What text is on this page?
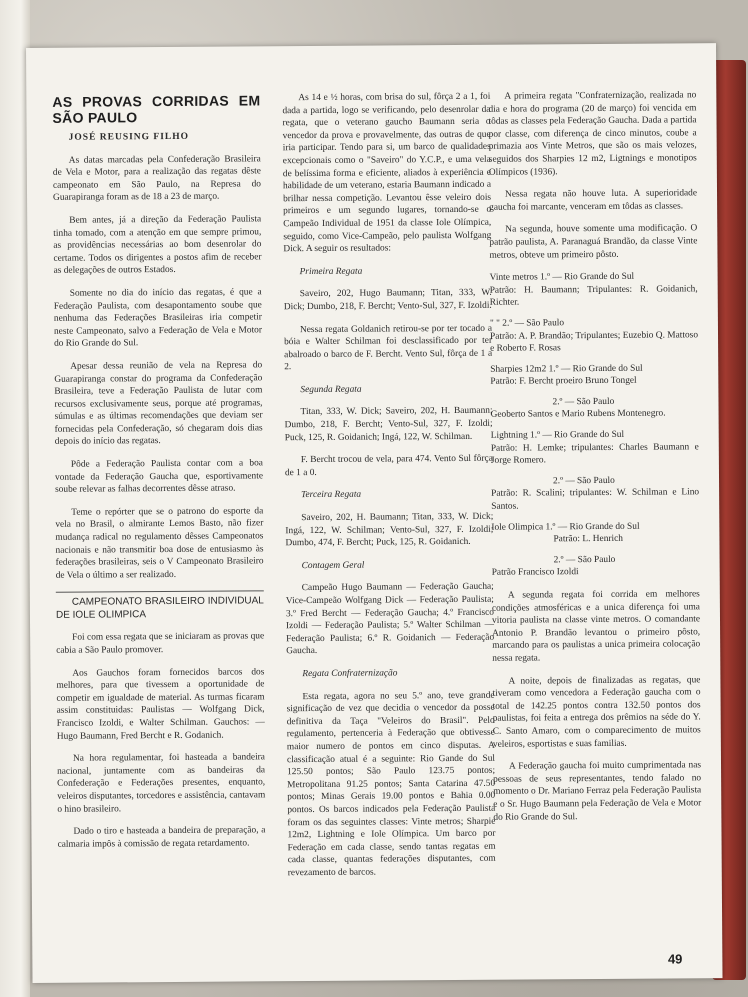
AS PROVAS CORRIDAS EM SÃO PAULO

JOSÉ REUSING FILHO

As datas marcadas pela Confederação Brasileira de Vela e Motor, para a realização das regatas dêste campeonato em São Paulo, na Represa do Guarapiranga foram as de 18 a 23 de março.

Bem antes, já a direção da Federação Paulista tinha tomado, com a atenção em que sempre primou, as providências necessárias ao bom desenrolar do certame. Todos os dirigentes a postos afim de receber as delegações de outros Estados.

Somente no dia do início das regatas, é que a Federação Paulista, com desapontamento soube que nenhuma das Federações Brasileiras iria competir neste Campeonato, salvo a Federação de Vela e Motor do Rio Grande do Sul.

Apesar dessa reunião de vela na Represa do Guarapiranga constar do programa da Confederação Brasileira, teve a Federação Paulista de lutar com recursos exclusivamente seus, porque até programas, súmulas e as últimas recomendações que deviam ser fornecidas pela Confederação, só chegaram dois dias depois do início das regatas.

Pôde a Federação Paulista contar com a boa vontade da Federação Gaucha que, esportivamente soube relevar as falhas decorrentes dêsse atraso.

Teme o repórter que se o patrono do esporte da vela no Brasil, o almirante Lemos Basto, não fizer mudança radical no regulamento dêsses Campeonatos nacionais e não transmitir boa dose de entusiasmo às federações brasileiras, seis o V Campeonato Brasileiro de Vela o último a ser realizado.

CAMPEONATO BRASILEIRO INDIVIDUAL DE IOLE OLIMPICA

Foi com essa regata que se iniciaram as provas que cabia a São Paulo promover.

Aos Gauchos foram fornecidos barcos dos melhores, para que tivessem a oportunidade de competir em igualdade de material. As turmas ficaram assim constituidas: Paulistas — Wolfgang Dick, Francisco Izoldi, e Walter Schilman. Gauchos: — Hugo Baumann, Fred Bercht e R. Godanich.

Na hora regulamentar, foi hasteada a bandeira nacional, juntamente com as bandeiras da Confederação e Federações presentes, enquanto, veleiros disputantes, torcedores e assistência, cantavam o hino brasileiro.

Dado o tiro e hasteada a bandeira de preparação, a calmaria impôs à comissão de regata retardamento.

As 14 e ½ horas, com brisa do sul, fôrça 2 a 1, foi dada a partida, logo se verificando, pelo desenrolar da regata, que o veterano gaucho Baumann seria o vencedor da prova e provavelmente, das outras de que iria participar. Tendo para si, um barco de qualidades excepcionais como o "Saveiro" do Y.C.P., e uma vela de belíssima forma e eficiente, aliados à experiência e habilidade de um veterano, estaria Baumann indicado a brilhar nessa competição. Levantou êsse veleiro dois primeiros e um segundo lugares, tornando-se o Campeão Individual de 1951 da classe Iole Olímpica, seguido, como Vice-Campeão, pelo paulista Wolfgang Dick. A seguir os resultados:

Primeira Regata

Saveiro, 202, Hugo Baumann; Titan, 333, W. Dick; Dumbo, 218, F. Bercht; Vento-Sul, 327, F. Izoldi.

Nessa regata Goldanich retirou-se por ter tocado a bóia e Walter Schilman foi desclassificado por ter abalroado o barco de F. Bercht. Vento Sul, fôrça de 1 a 2.

Segunda Regata

Titan, 333, W. Dick; Saveiro, 202, H. Baumann; Dumbo, 218, F. Bercht; Vento-Sul, 327, F. Izoldi; Puck, 125, R. Goidanich; Ingá, 122, W. Schilman.

F. Bercht trocou de vela, para 474. Vento Sul fôrça de 1 a 0.

Terceira Regata

Saveiro, 202, H. Baumann; Titan, 333, W. Dick; Ingá, 122, W. Schilman; Vento-Sul, 327, F. Izoldi; Dumbo, 474, F. Bercht; Puck, 125, R. Goidanich.

Contagem Geral

Campeão Hugo Baumann — Federação Gaucha; Vice-Campeão Wolfgang Dick — Federação Paulista; 3.º Fred Bercht — Federação Gaucha; 4.º Francisco Izoldi — Federação Paulista; 5.º Walter Schilman — Federação Paulista; 6.º R. Goidanich — Federação Gaucha.

Regata Confraternização

Esta regata, agora no seu 5.º ano, teve grande significação de vez que decidia o vencedor da posse definitiva da Taça "Veleiros do Brasil". Pelo regulamento, pertenceria à Federação que obtivesse maior numero de pontos em cinco disputas. A classificação atual é a seguinte: Rio Gande do Sul 125.50 pontos; São Paulo 123.75 pontos; Metropolitana 91.25 pontos; Santa Catarina 47.50 pontos; Minas Gerais 19.00 pontos e Bahia 0.00 pontos. Os barcos indicados pela Federação Paulista foram os das seguintes classes: Vinte metros; Sharpie 12m2, Lightning e Iole Olímpica. Um barco por Federação em cada classe, sendo tantas regatas em cada classe, quantas federações disputantes, com revezamento de barcos.

A primeira regata "Confraternização, realizada no dia e hora do programa (20 de março) foi vencida em tôdas as classes pela Federação Gaucha. Dada a partida por classe, com diferença de cinco minutos, coube a primazia aos Vinte Metros, que são os mais velozes, seguidos dos Sharpies 12 m2, Ligtnings e monotipos Olímpicos (1936).

Nessa regata não houve luta. A superioridade gaucha foi marcante, venceram em tôdas as classes.

Na segunda, houve somente uma modificação. O patrão paulista, A. Paranaguá Brandão, da classe Vinte metros, obteve um primeiro pôsto.

Vinte metros 1.º — Rio Grande do Sul
Patrão: H. Baumann; Tripulantes: R. Goidanich, Richter.
" " 2.º — São Paulo
Patrão: A. P. Brandão; Tripulantes; Euzebio Q. Mattoso e Roberto F. Rosas
Sharpies 12m2 1.º — Rio Grande do Sul
Patrão: F. Bercht proeiro Bruno Tongel
2.º — São Paulo
Geoberto Santos e Mario Rubens Montenegro.
Lightning 1.º — Rio Grande do Sul
Patrão: H. Lemke; tripulantes: Charles Baumann e Jorge Romero.
2.º — São Paulo
Patrão: R. Scalini; tripulantes: W. Schilman e Lino Santos.
Iole Olimpica 1.º — Rio Grande do Sul
Patrão: L. Henrich
2.º — São Paulo
Patrão Francisco Izoldi

A segunda regata foi corrida em melhores condições atmosféricas e a unica diferença foi uma vitoria paulista na classe vinte metros. O comandante Antonio P. Brandão levantou o primeiro pôsto, marcando para os paulistas a unica primeira colocação nessa regata.

A noite, depois de finalizadas as regatas, que tiveram como vencedora a Federação gaucha com o total de 142.25 pontos contra 132.50 pontos dos paulistas, foi feita a entrega dos prêmios na séde do Y. C. Santo Amaro, com o comparecimento de muitos veleiros, esportistas e suas familias.

A Federação gaucha foi muito cumprimentada nas pessoas de seus representantes, tendo falado no momento o Dr. Mariano Ferraz pela Federação Paulista e o Sr. Hugo Baumann pela Federação de Vela e Motor do Rio Grande do Sul.

49
